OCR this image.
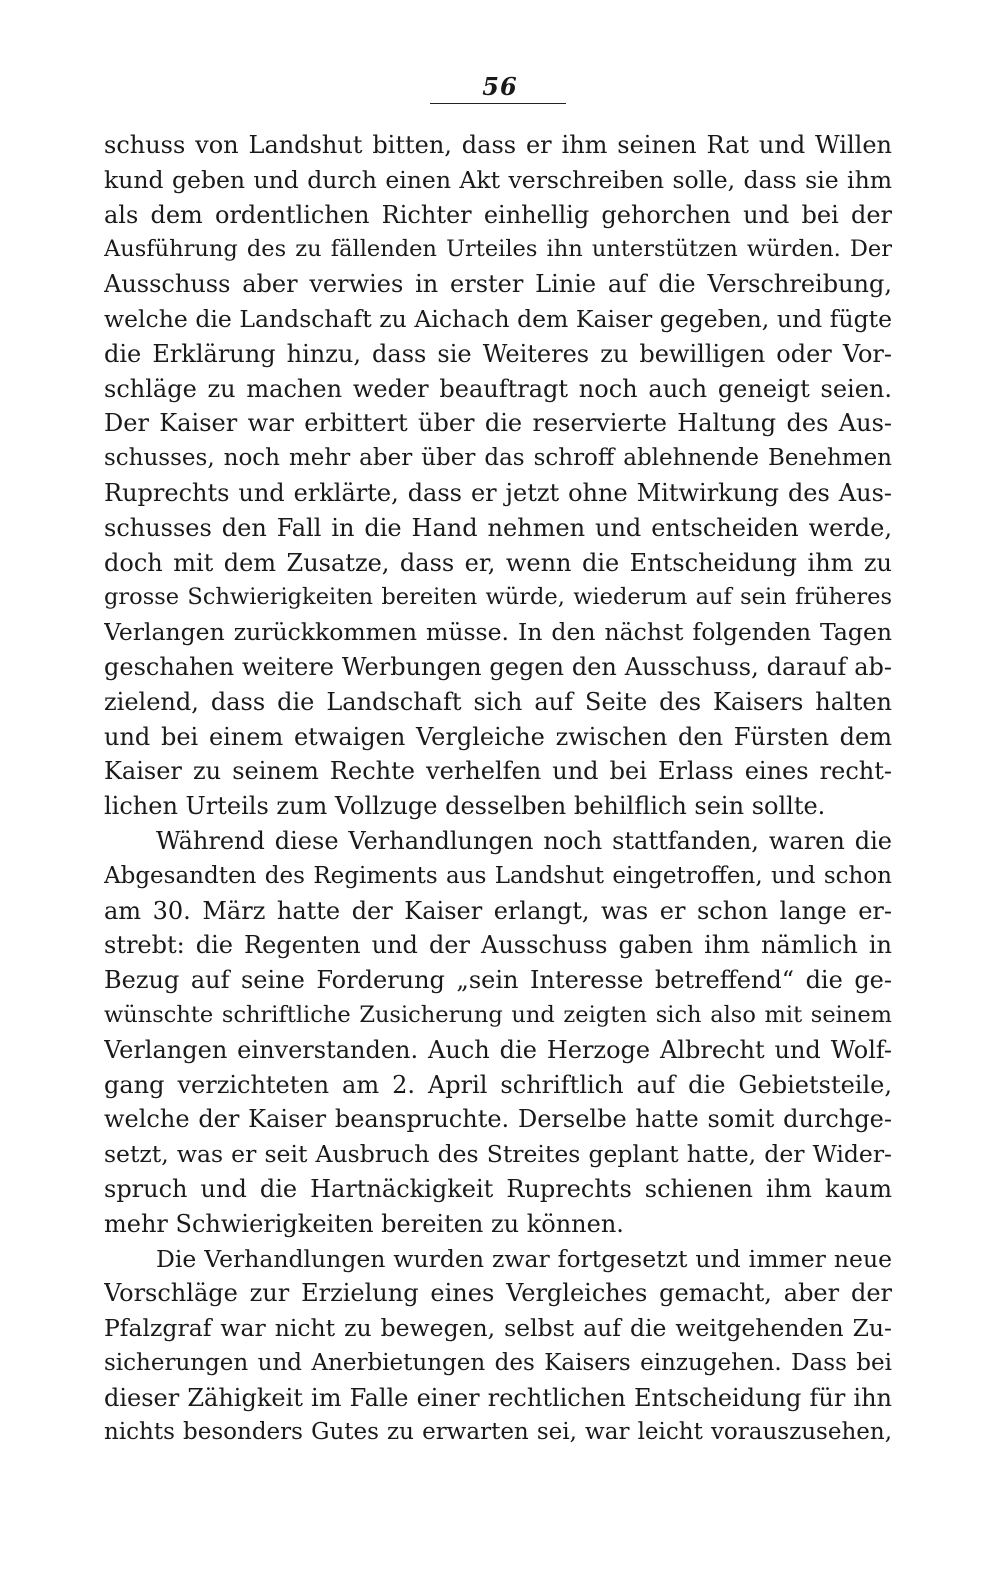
56
schuss von Landshut bitten, dass er ihm seinen Rat und Willen
kund geben und durch einen Akt verschreiben solle, dass sie ihm
als dem ordentlichen Richter einhellig gehorchen und bei der
Ausführung des zu fällenden Urteiles ihn unterstützen würden. Der
Ausschuss aber verwies in erster Linie auf die Verschreibung,
welche die Landschaft zu Aichach dem Kaiser gegeben, und fügte
die Erklärung hinzu, dass sie Weiteres zu bewilligen oder Vor-
schläge zu machen weder beauftragt noch auch geneigt seien.
Der Kaiser war erbittert über die reservierte Haltung des Aus-
schusses, noch mehr aber über das schroff ablehnende Benehmen
Ruprechts und erklärte, dass er jetzt ohne Mitwirkung des Aus-
schusses den Fall in die Hand nehmen und entscheiden werde,
doch mit dem Zusatze, dass er, wenn die Entscheidung ihm zu
grosse Schwierigkeiten bereiten würde, wiederum auf sein früheres
Verlangen zurückkommen müsse. In den nächst folgenden Tagen
geschahen weitere Werbungen gegen den Ausschuss, darauf ab-
zielend, dass die Landschaft sich auf Seite des Kaisers halten
und bei einem etwaigen Vergleiche zwischen den Fürsten dem
Kaiser zu seinem Rechte verhelfen und bei Erlass eines recht-
lichen Urteils zum Vollzuge desselben behilflich sein sollte.
Während diese Verhandlungen noch stattfanden, waren die
Abgesandten des Regiments aus Landshut eingetroffen, und schon
am 30. März hatte der Kaiser erlangt, was er schon lange er-
strebt: die Regenten und der Ausschuss gaben ihm nämlich in
Bezug auf seine Forderung „sein Interesse betreffend“ die ge-
wünschte schriftliche Zusicherung und zeigten sich also mit seinem
Verlangen einverstanden. Auch die Herzoge Albrecht und Wolf-
gang verzichteten am 2. April schriftlich auf die Gebietsteile,
welche der Kaiser beanspruchte. Derselbe hatte somit durchge-
setzt, was er seit Ausbruch des Streites geplant hatte, der Wider-
spruch und die Hartnäckigkeit Ruprechts schienen ihm kaum
mehr Schwierigkeiten bereiten zu können.
Die Verhandlungen wurden zwar fortgesetzt und immer neue
Vorschläge zur Erzielung eines Vergleiches gemacht, aber der
Pfalzgraf war nicht zu bewegen, selbst auf die weitgehenden Zu-
sicherungen und Anerbietungen des Kaisers einzugehen. Dass bei
dieser Zähigkeit im Falle einer rechtlichen Entscheidung für ihn
nichts besonders Gutes zu erwarten sei, war leicht vorauszusehen,
